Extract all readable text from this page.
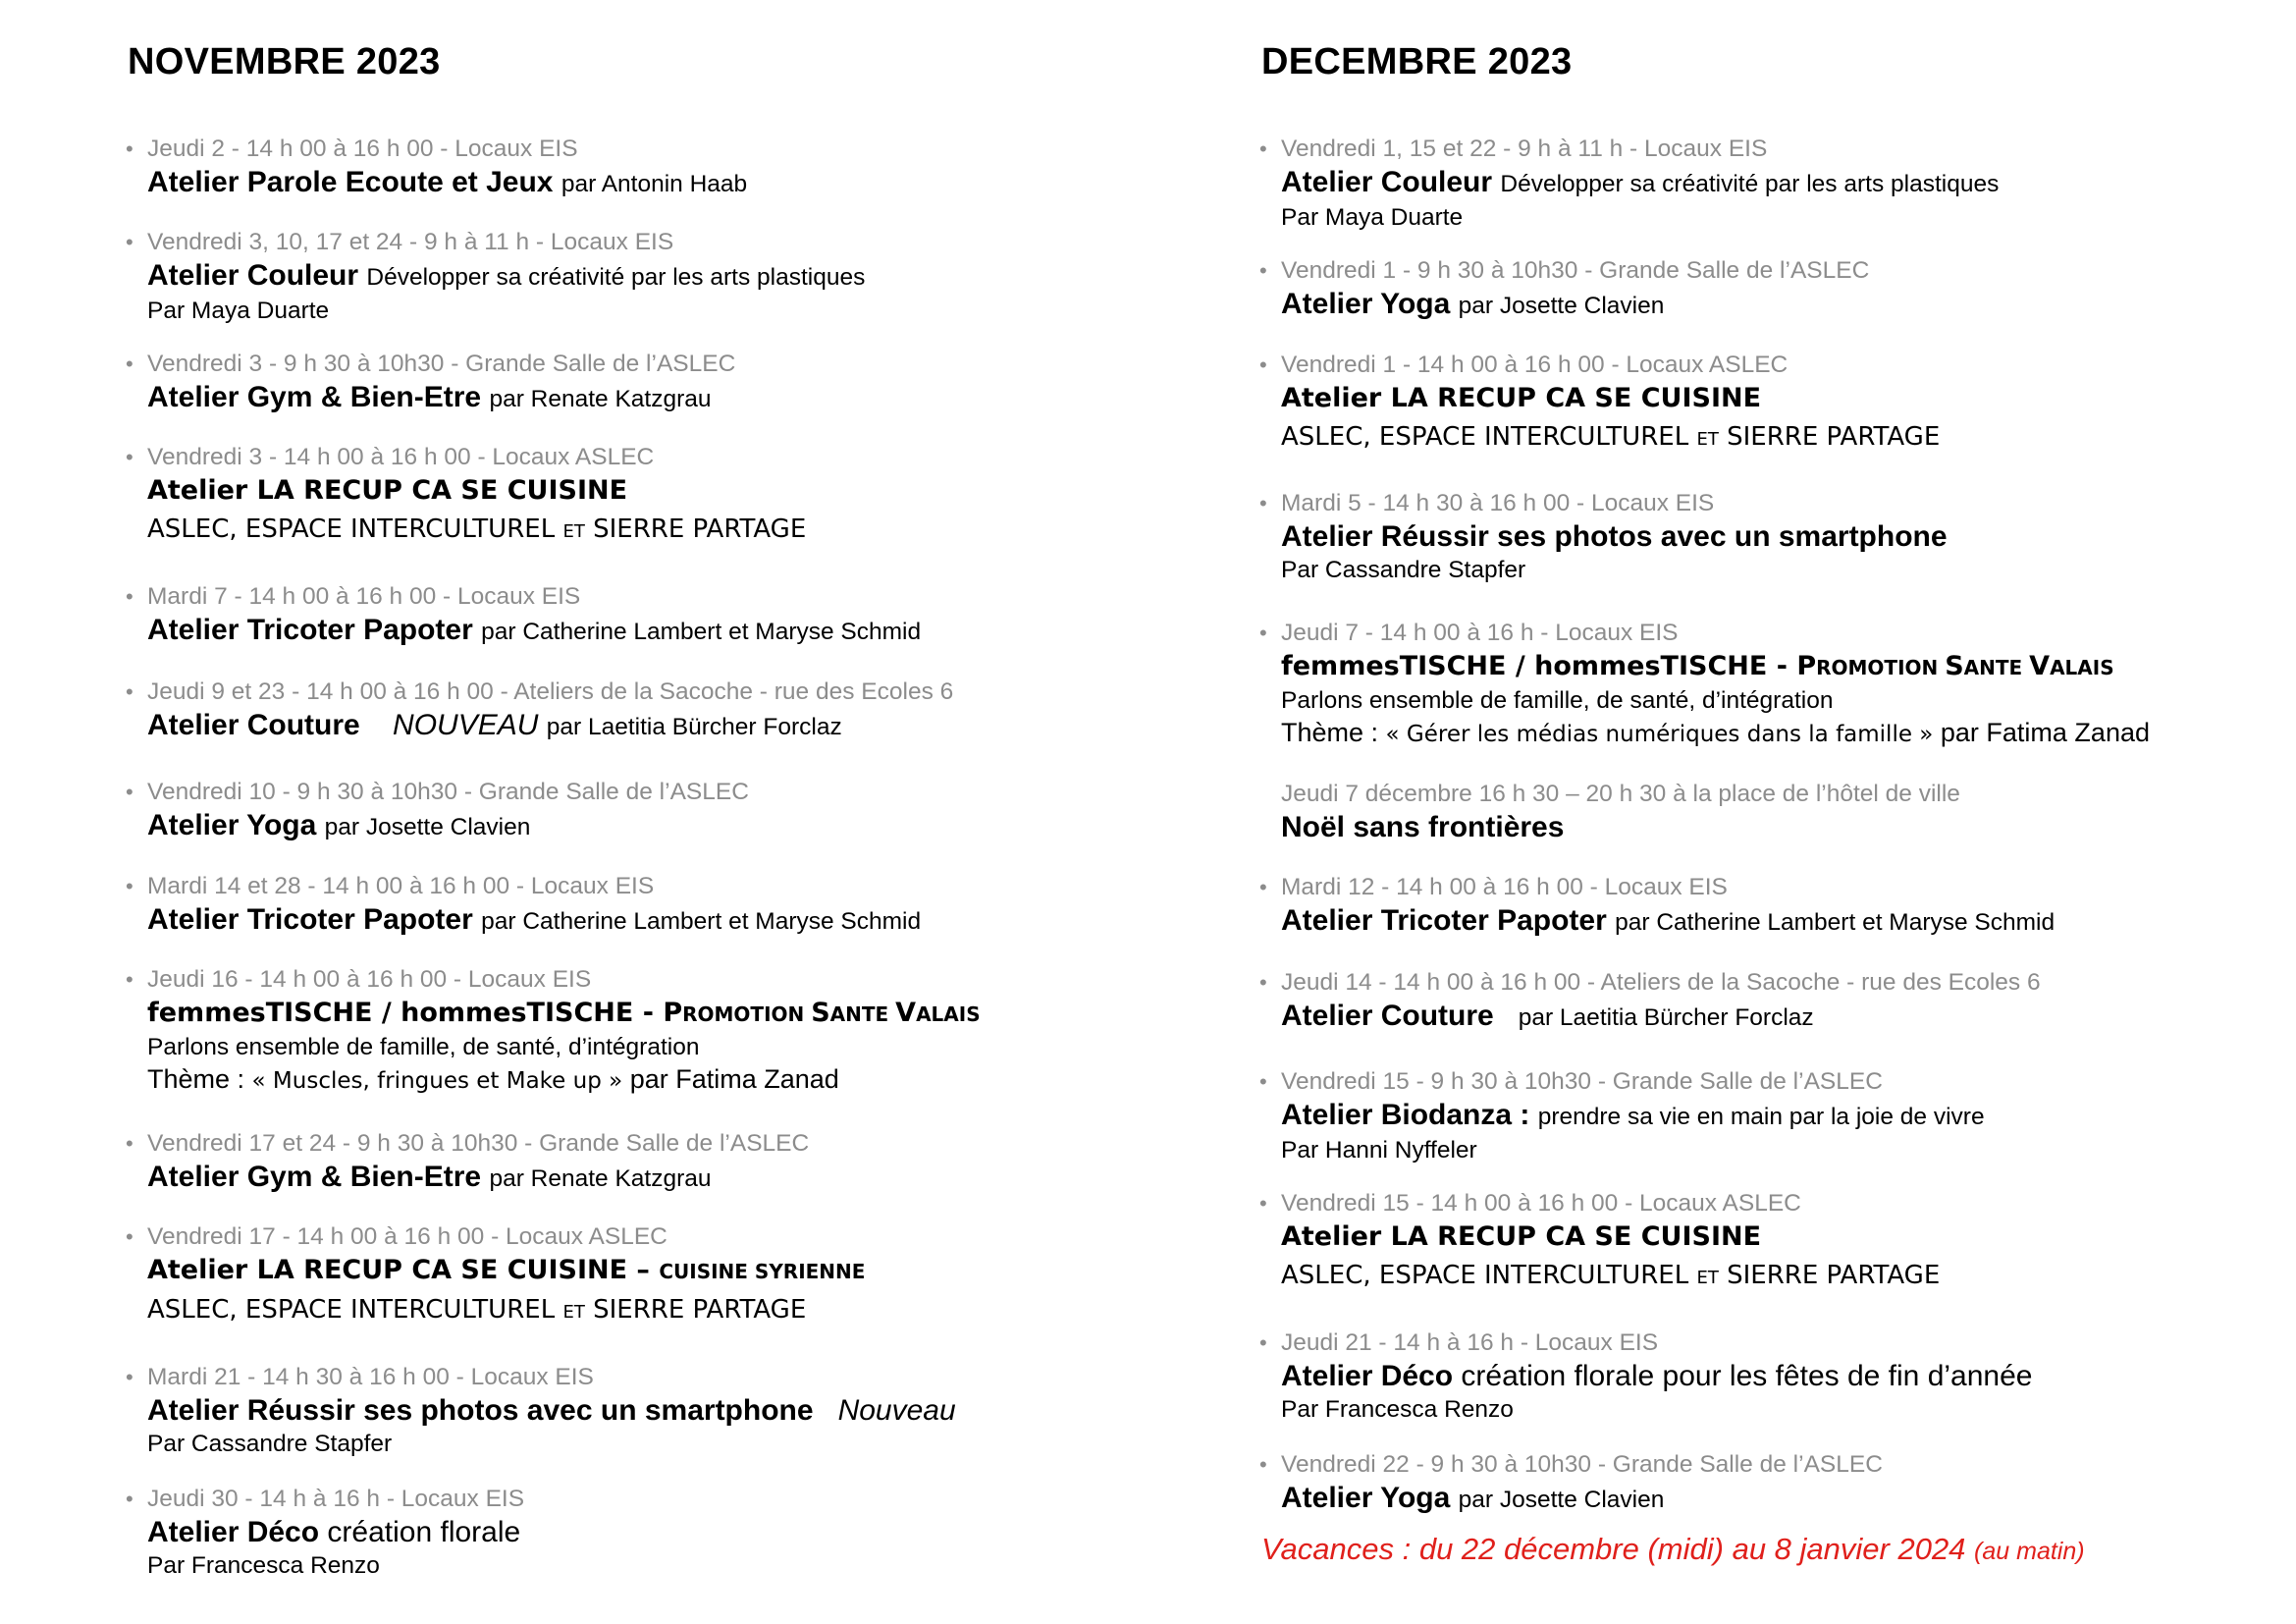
NOVEMBRE 2023
• Jeudi 2 - 14 h 00 à 16 h 00 - Locaux EIS
Atelier Parole Ecoute et Jeux par Antonin Haab
• Vendredi 3, 10, 17 et 24 - 9 h à 11 h - Locaux EIS
Atelier Couleur Développer sa créativité par les arts plastiques
Par Maya Duarte
• Vendredi 3 - 9 h 30 à 10h30 - Grande Salle de l’ASLEC
Atelier Gym & Bien-Etre par Renate Katzgrau
• Vendredi 3 - 14 h 00 à 16 h 00 - Locaux ASLEC
Atelier LA RECUP CA SE CUISINE
ASLEC, ESPACE INTERCULTUREL ET SIERRE PARTAGE
• Mardi 7 - 14 h 00 à 16 h 00 - Locaux EIS
Atelier Tricoter Papoter par Catherine Lambert et Maryse Schmid
• Jeudi 9 et 23 - 14 h 00 à 16 h 00 - Ateliers de la Sacoche - rue des Ecoles 6
Atelier Couture NOUVEAU par Laetitia Bürcher Forclaz
• Vendredi 10 - 9 h 30 à 10h30 - Grande Salle de l’ASLEC
Atelier Yoga par Josette Clavien
• Mardi 14 et 28 - 14 h 00 à 16 h 00 - Locaux EIS
Atelier Tricoter Papoter par Catherine Lambert et Maryse Schmid
• Jeudi 16 - 14 h 00 à 16 h 00 - Locaux EIS
femmesTISCHE / hommesTISCHE - PROMOTION SANTE VALAIS
Parlons ensemble de famille, de santé, d’intégration
Thème : « Muscles, fringues et Make up » par Fatima Zanad
• Vendredi 17 et 24 - 9 h 30 à 10h30 - Grande Salle de l’ASLEC
Atelier Gym & Bien-Etre par Renate Katzgrau
• Vendredi 17 - 14 h 00 à 16 h 00 - Locaux ASLEC
Atelier LA RECUP CA SE CUISINE – CUISINE SYRIENNE
ASLEC, ESPACE INTERCULTUREL ET SIERRE PARTAGE
• Mardi 21 - 14 h 30 à 16 h 00 - Locaux EIS
Atelier Réussir ses photos avec un smartphone Nouveau
Par Cassandre Stapfer
• Jeudi 30 - 14 h à 16 h - Locaux EIS
Atelier Déco création florale
Par Francesca Renzo
DECEMBRE 2023
• Vendredi 1, 15 et 22 - 9 h à 11 h - Locaux EIS
Atelier Couleur Développer sa créativité par les arts plastiques
Par Maya Duarte
• Vendredi 1 - 9 h 30 à 10h30 - Grande Salle de l’ASLEC
Atelier Yoga par Josette Clavien
• Vendredi 1 - 14 h 00 à 16 h 00 - Locaux ASLEC
Atelier LA RECUP CA SE CUISINE
ASLEC, ESPACE INTERCULTUREL ET SIERRE PARTAGE
• Mardi 5 - 14 h 30 à 16 h 00 - Locaux EIS
Atelier Réussir ses photos avec un smartphone
Par Cassandre Stapfer
• Jeudi 7 - 14 h 00 à 16 h - Locaux EIS
femmesTISCHE / hommesTISCHE - PROMOTION SANTE VALAIS
Parlons ensemble de famille, de santé, d’intégration
Thème : « Gérer les médias numériques dans la famille » par Fatima Zanad
Jeudi 7 décembre 16 h 30 – 20 h 30 à la place de l’hôtel de ville
Noël sans frontières
• Mardi 12 - 14 h 00 à 16 h 00 - Locaux EIS
Atelier Tricoter Papoter par Catherine Lambert et Maryse Schmid
• Jeudi 14 - 14 h 00 à 16 h 00 - Ateliers de la Sacoche - rue des Ecoles 6
Atelier Couture par Laetitia Bürcher Forclaz
• Vendredi 15 - 9 h 30 à 10h30 - Grande Salle de l’ASLEC
Atelier Biodanza : prendre sa vie en main par la joie de vivre
Par Hanni Nyffeler
• Vendredi 15 - 14 h 00 à 16 h 00 - Locaux ASLEC
Atelier LA RECUP CA SE CUISINE
ASLEC, ESPACE INTERCULTUREL ET SIERRE PARTAGE
• Jeudi 21 - 14 h à 16 h - Locaux EIS
Atelier Déco création florale pour les fêtes de fin d’année
Par Francesca Renzo
• Vendredi 22 - 9 h 30 à 10h30 - Grande Salle de l’ASLEC
Atelier Yoga par Josette Clavien
Vacances : du 22 décembre (midi) au 8 janvier 2024 (au matin)
